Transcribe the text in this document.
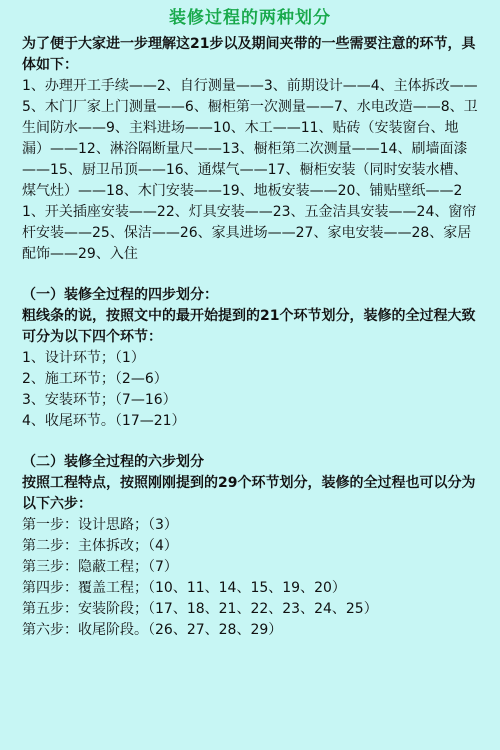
装修过程的两种划分

为了便于大家进一步理解这21步以及期间夹带的一些需要注意的环节，具体如下：

1、办理开工手续——2、自行测量——3、前期设计——4、主体拆改——5、木门厂家上门测量——6、橱柜第一次测量——7、水电改造——8、卫生间防水——9、主料进场——10、木工——11、贴砖（安装窗台、地漏）——12、淋浴隔断量尺——13、橱柜第二次测量——14、刷墙面漆——15、厨卫吊顶——16、通煤气——17、橱柜安装（同时安装水槽、煤气灶）——18、木门安装——19、地板安装——20、铺贴壁纸——21、开关插座安装——22、灯具安装——23、五金洁具安装——24、窗帘杆安装——25、保洁——26、家具进场——27、家电安装——28、家居配饰——29、入住

（一）装修全过程的四步划分：

粗线条的说，按照文中的最开始提到的21个环节划分，装修的全过程大致可分为以下四个环节：

1、设计环节；（1）
2、施工环节；（2—6）
3、安装环节；（7—16）
4、收尾环节。（17—21）

（二）装修全过程的六步划分

按照工程特点，按照刚刚提到的29个环节划分，装修的全过程也可以分为以下六步：

第一步：设计思路；（3）
第二步：主体拆改；（4）
第三步：隐蔽工程；（7）
第四步：覆盖工程；（10、11、14、15、19、20）
第五步：安装阶段；（17、18、21、22、23、24、25）
第六步：收尾阶段。（26、27、28、29）
